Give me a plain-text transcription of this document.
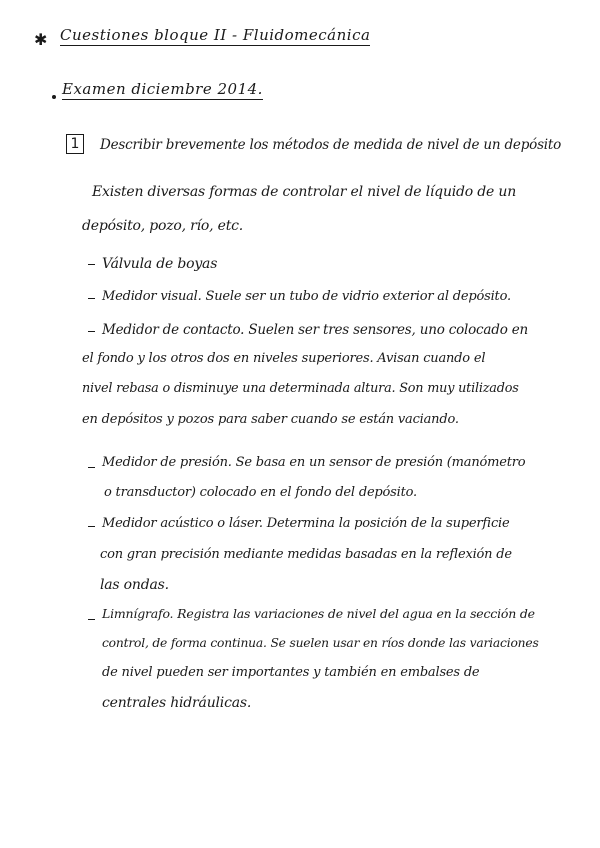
✱ Cuestiones bloque II - Fluidomecánica
Examen diciembre 2014.
1	Describir brevemente los métodos de medida de nivel de un depósito
Existen diversas formas de controlar el nivel de líquido de un
depósito, pozo, río, etc.
Válvula de boyas
Medidor visual. Suele ser un tubo de vidrio exterior al depósito.
Medidor de contacto. Suelen ser tres sensores, uno colocado en
el fondo y los otros dos en niveles superiores. Avisan cuando el
nivel rebasa o disminuye una determinada altura. Son muy utilizados
en depósitos y pozos para saber cuando se están vaciando.
Medidor de presión. Se basa en un sensor de presión (manómetro
o transductor) colocado en el fondo del depósito.
Medidor acústico o láser. Determina la posición de la superficie
con gran precisión mediante medidas basadas en la reflexión de
las ondas.
Limnígrafo. Registra las variaciones de nivel del agua en la sección de
control, de forma continua. Se suelen usar en ríos donde las variaciones
de nivel pueden ser importantes y también en embalses de
centrales hidráulicas.
